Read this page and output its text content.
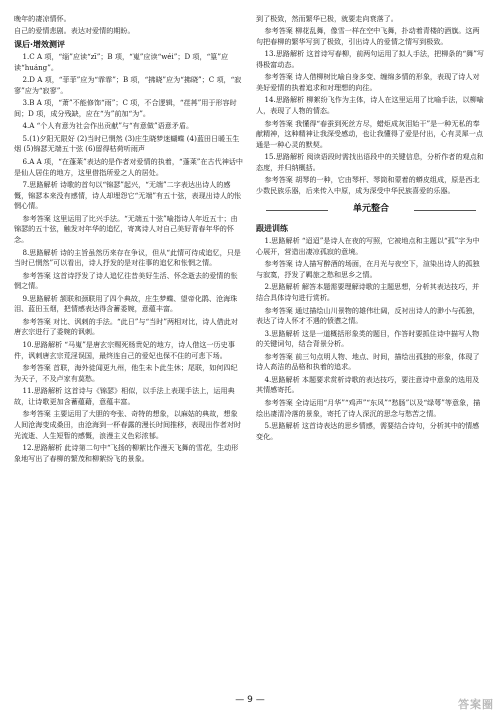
晚年的凄凉情怀。

自己的爱情悲剧。表达对爱情的期盼。

课后·增效测评

1.C A 项，“缁”应读“zī”；B 项，“嵬”应读“wéi”；D 项，“篁”应读“huáng”。

2.D A 项，“菲菲”应为“霏霏”；B 项，“拂晓”应为“拂晓”；C 项，“寂寥”应为“寂寥”。

3.B A 项，“萧”不能修饰“雨”；C 项，不合逻辑，“荏苒”用于形容时间；D 项，成分残缺，应在“为”前加“为”。

4.A “个人有意为社会作出贡献”与“有意做”语意矛盾。

5.(1)夕阳无限好 (2)当时已惘然 (3)庄生晓梦迷蝴蝶 (4)蓝田日暖玉生烟 (5)锦瑟无端五十弦 (6)留得枯荷听雨声

6.A A 项，“在蓬莱”表达的是作者对爱情的执着，“蓬莱”在古代神话中是仙人居住的地方，这里借指所爱之人的居处。

7.思路解析 诗歌的首句以“锦瑟”起兴，“无端”二字表达出诗人的感慨，锦瑟本来没有感情，诗人却埋怨它“无端”有五十弦，表现出诗人的怅惘心情。

参考答案 这里运用了比兴手法。“无端五十弦”喻指诗人年近五十；由锦瑟的五十弦，触发对年华的追忆，寄寓诗人对自己美好青春年华的怀念。

8.思路解析 诗的主旨虽然历来存在争议，但从“此情可待成追忆，只是当时已惘然”可以看出，诗人抒发的是对往事的追忆和怅惘之情。

参考答案 这首诗抒发了诗人追忆往昔美好生活、怀念逝去的爱情的怅惘之情。

9.思路解析 颔联和颈联用了四个典故，庄生梦蝶、望帝化鹃、沧海珠泪、蓝田玉烟，把情感表达得含蓄委婉，意蕴丰富。

参考答案 对比、讽刺的手法。“此日”与“当时”两相对比，诗人借此对唐玄宗进行了委婉的讽刺。

10.思路解析 “马嵬”是唐玄宗赐死杨贵妃的地方，诗人借这一历史事件，讽刺唐玄宗荒淫误国，最终连自己的爱妃也保不住的可悲下场。

参考答案 首联，海外徒闻更九州，他生未卜此生休；尾联，如何四纪为天子，不及卢家有莫愁。

11.思路解析 这首诗与《锦瑟》相似，以手法上表现手法上，运用典故，让诗歌更加含蓄蕴藉，意蕴丰富。

参考答案 主要运用了大胆的夸张、奇特的想象，以麻姑的典故，想象人间沧海变成桑田，由沧海到一杯春露的漫长时间推移，表现出作者对时光流逝、人生短暂的感慨，浪漫主义色彩浓郁。

12.思路解析 此诗第二句中“飞扬的柳絮比作漫天飞舞的雪花，生动形象地写出了春柳的繁茂和柳絮纷飞的景象。

到了极致，然而繁华已极，就要走向衰落了。

参考答案 柳花乱舞，像雪一样在空中飞舞，扑动着青楼的酒旗。这两句把春柳的繁华写到了极致，引出诗人的爱情之情写到极致。

13.思路解析 这首诗写春柳，前两句运用了拟人手法，把柳条的“舞”写得极富动态。

参考答案 诗人借柳树比喻自身多变、缠绵多情的形象，表现了诗人对美好爱情的执着追求和对理想的向往。

14.思路解析 柳絮纷飞作为主体，诗人在这里运用了比喻手法，以柳喻人，表现了人物的情态。

参考答案 我懂得“春蚕到死丝方尽，蜡炬成灰泪始干”是一种无私的奉献精神，这种精神让我深受感动，也让我懂得了爱是付出，心有灵犀一点通是一种心灵的默契。

15.思路解析 阅读语段时需找出语段中的关键信息，分析作者的观点和态度，并归纳概括。

参考答案 胡琴的一种，它由琴杆、琴筒和蒙着的蟒皮组成，原是西北少数民族乐器，后来传入中原，成为深受中华民族喜爱的乐器。

单元整合

跟进训练

1.思路解析 “迢迢”是诗人在夜的写照，它被地点和主题以“孤”字为中心展开，营造出凄凉孤寂的意境。

参考答案 诗人描写醉酒的场面，在月光与夜空下，渲染出诗人的孤独与寂寞，抒发了羁旅之愁和思乡之情。

2.思路解析 解答本题需要理解诗歌的主题思想，分析其表达技巧，并结合具体诗句进行赏析。

参考答案 通过描绘山川景物的雄伟壮阔，反衬出诗人的渺小与孤独，表达了诗人怀才不遇的愤懑之情。

3.思路解析 这是一道概括形象类的题目，作答时要抓住诗中描写人物的关键词句，结合背景分析。

参考答案 前三句点明人物、地点、时间，描绘出孤独的形象，体现了诗人高洁的品格和执着的追求。

4.思路解析 本题要求赏析诗歌的表达技巧，要注意诗中意象的选用及其情感寄托。

参考答案 全诗运用“月华”“鸡声”“东风”“愁肠”以及“绿萼”等意象，描绘出凄清冷落的景象，寄托了诗人深沉的思念与愁苦之情。

5.思路解析 这首诗表达的思乡情感，需要结合诗句，分析其中的情感变化。

— 9 —	答案圈
